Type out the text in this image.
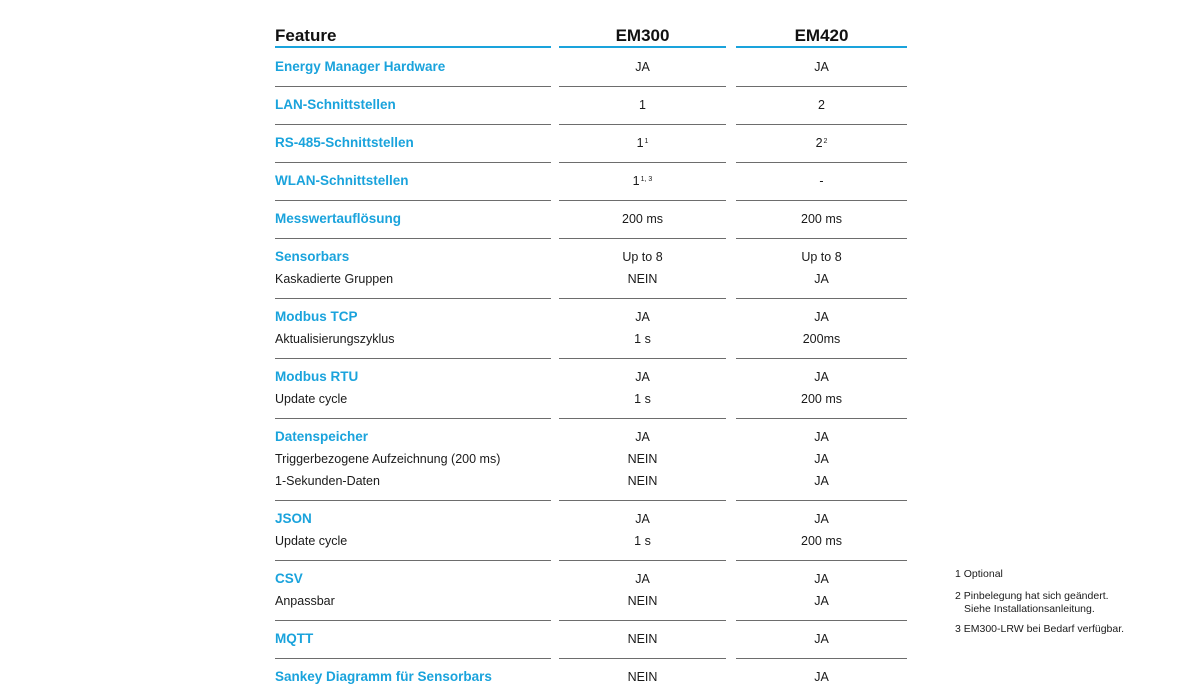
Feature	EM300	EM420
Energy Manager Hardware	JA	JA
LAN-Schnittstellen	1	2
RS-485-Schnittstellen	$1^1$	$2^2$
WLAN-Schnittstellen	1$^{1, 3}$	-
Messwertauflösung	200 ms	200 ms
Sensorbars	Up to 8	Up to 8
Kaskadierte Gruppen	NEIN	JA
Modbus TCP	JA	JA
Aktualisierungszyklus	1 s	200ms
Modbus RTU	JA	JA
Update cycle	1 s	200 ms
Datenspeicher	JA	JA
Triggerbezogene Aufzeichnung (200 ms)	NEIN	JA
1-Sekunden-Daten	NEIN	JA
JSON	JA	JA
Update cycle	1 s	200 ms
CSV	JA	JA
Anpassbar	NEIN	JA
MQTT	NEIN	JA
Sankey Diagramm für Sensorbars	NEIN	JA
1 Optional
2 Pinbelegung hat sich geändert.
Siehe Installationsanleitung.
3 EM300-LRW bei Bedarf verfügbar.
